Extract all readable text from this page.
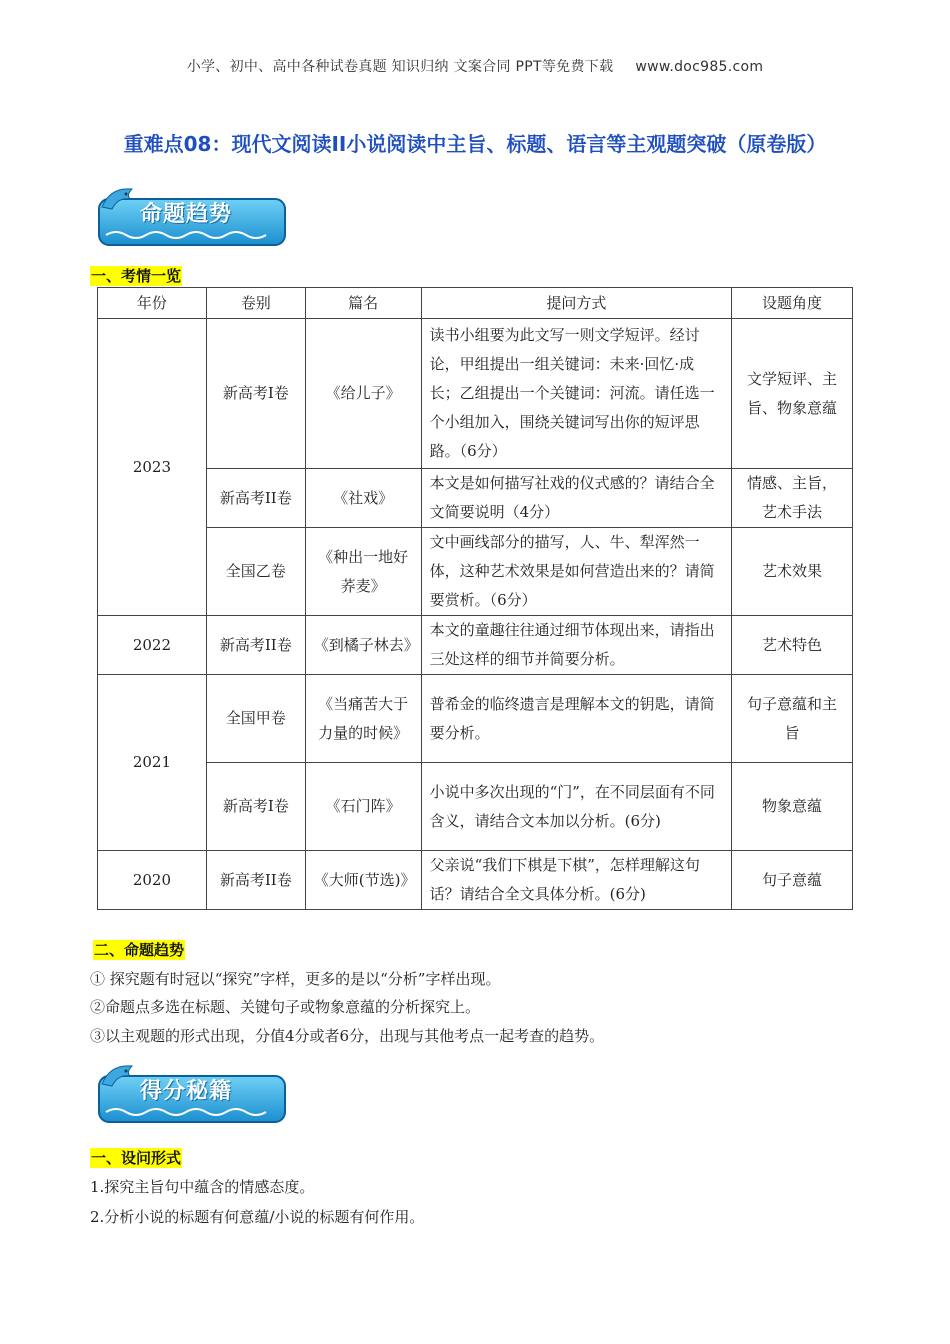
小学、初中、高中各种试卷真题 知识归纳 文案合同 PPT等免费下载 www.doc985.com
重难点08：现代文阅读II小说阅读中主旨、标题、语言等主观题突破（原卷版）
命题趋势
一、考情一览
年份	卷别	篇名	提问方式	设题角度
2023	新高考I卷	《给儿子》	读书小组要为此文写一则文学短评。经讨论，甲组提出一组关键词：未来·回忆·成长；乙组提出一个关键词：河流。请任选一个小组加入，围绕关键词写出你的短评思路。（6分）	文学短评、主旨、物象意蕴
	新高考II卷	《社戏》	本文是如何描写社戏的仪式感的？请结合全文简要说明（4分）	情感、主旨，艺术手法
	全国乙卷	《种出一地好荞麦》	文中画线部分的描写，人、牛、犁浑然一体，这种艺术效果是如何营造出来的？请简要赏析。（6分）	艺术效果
2022	新高考II卷	《到橘子林去》	本文的童趣往往通过细节体现出来，请指出三处这样的细节并简要分析。	艺术特色
2021	全国甲卷	《当痛苦大于力量的时候》	普希金的临终遗言是理解本文的钥匙，请简要分析。	句子意蕴和主旨
	新高考I卷	《石门阵》	小说中多次出现的“门”，在不同层面有不同含义，请结合文本加以分析。(6分)	物象意蕴
2020	新高考II卷	《大师(节选)》	父亲说“我们下棋是下棋”，怎样理解这句话？请结合全文具体分析。(6分)	句子意蕴
二、命题趋势
① 探究题有时冠以“探究”字样，更多的是以“分析”字样出现。
②命题点多选在标题、关键句子或物象意蕴的分析探究上。
③以主观题的形式出现，分值4分或者6分，出现与其他考点一起考查的趋势。
得分秘籍
一、设问形式
1.探究主旨句中蕴含的情感态度。
2.分析小说的标题有何意蕴/小说的标题有何作用。
